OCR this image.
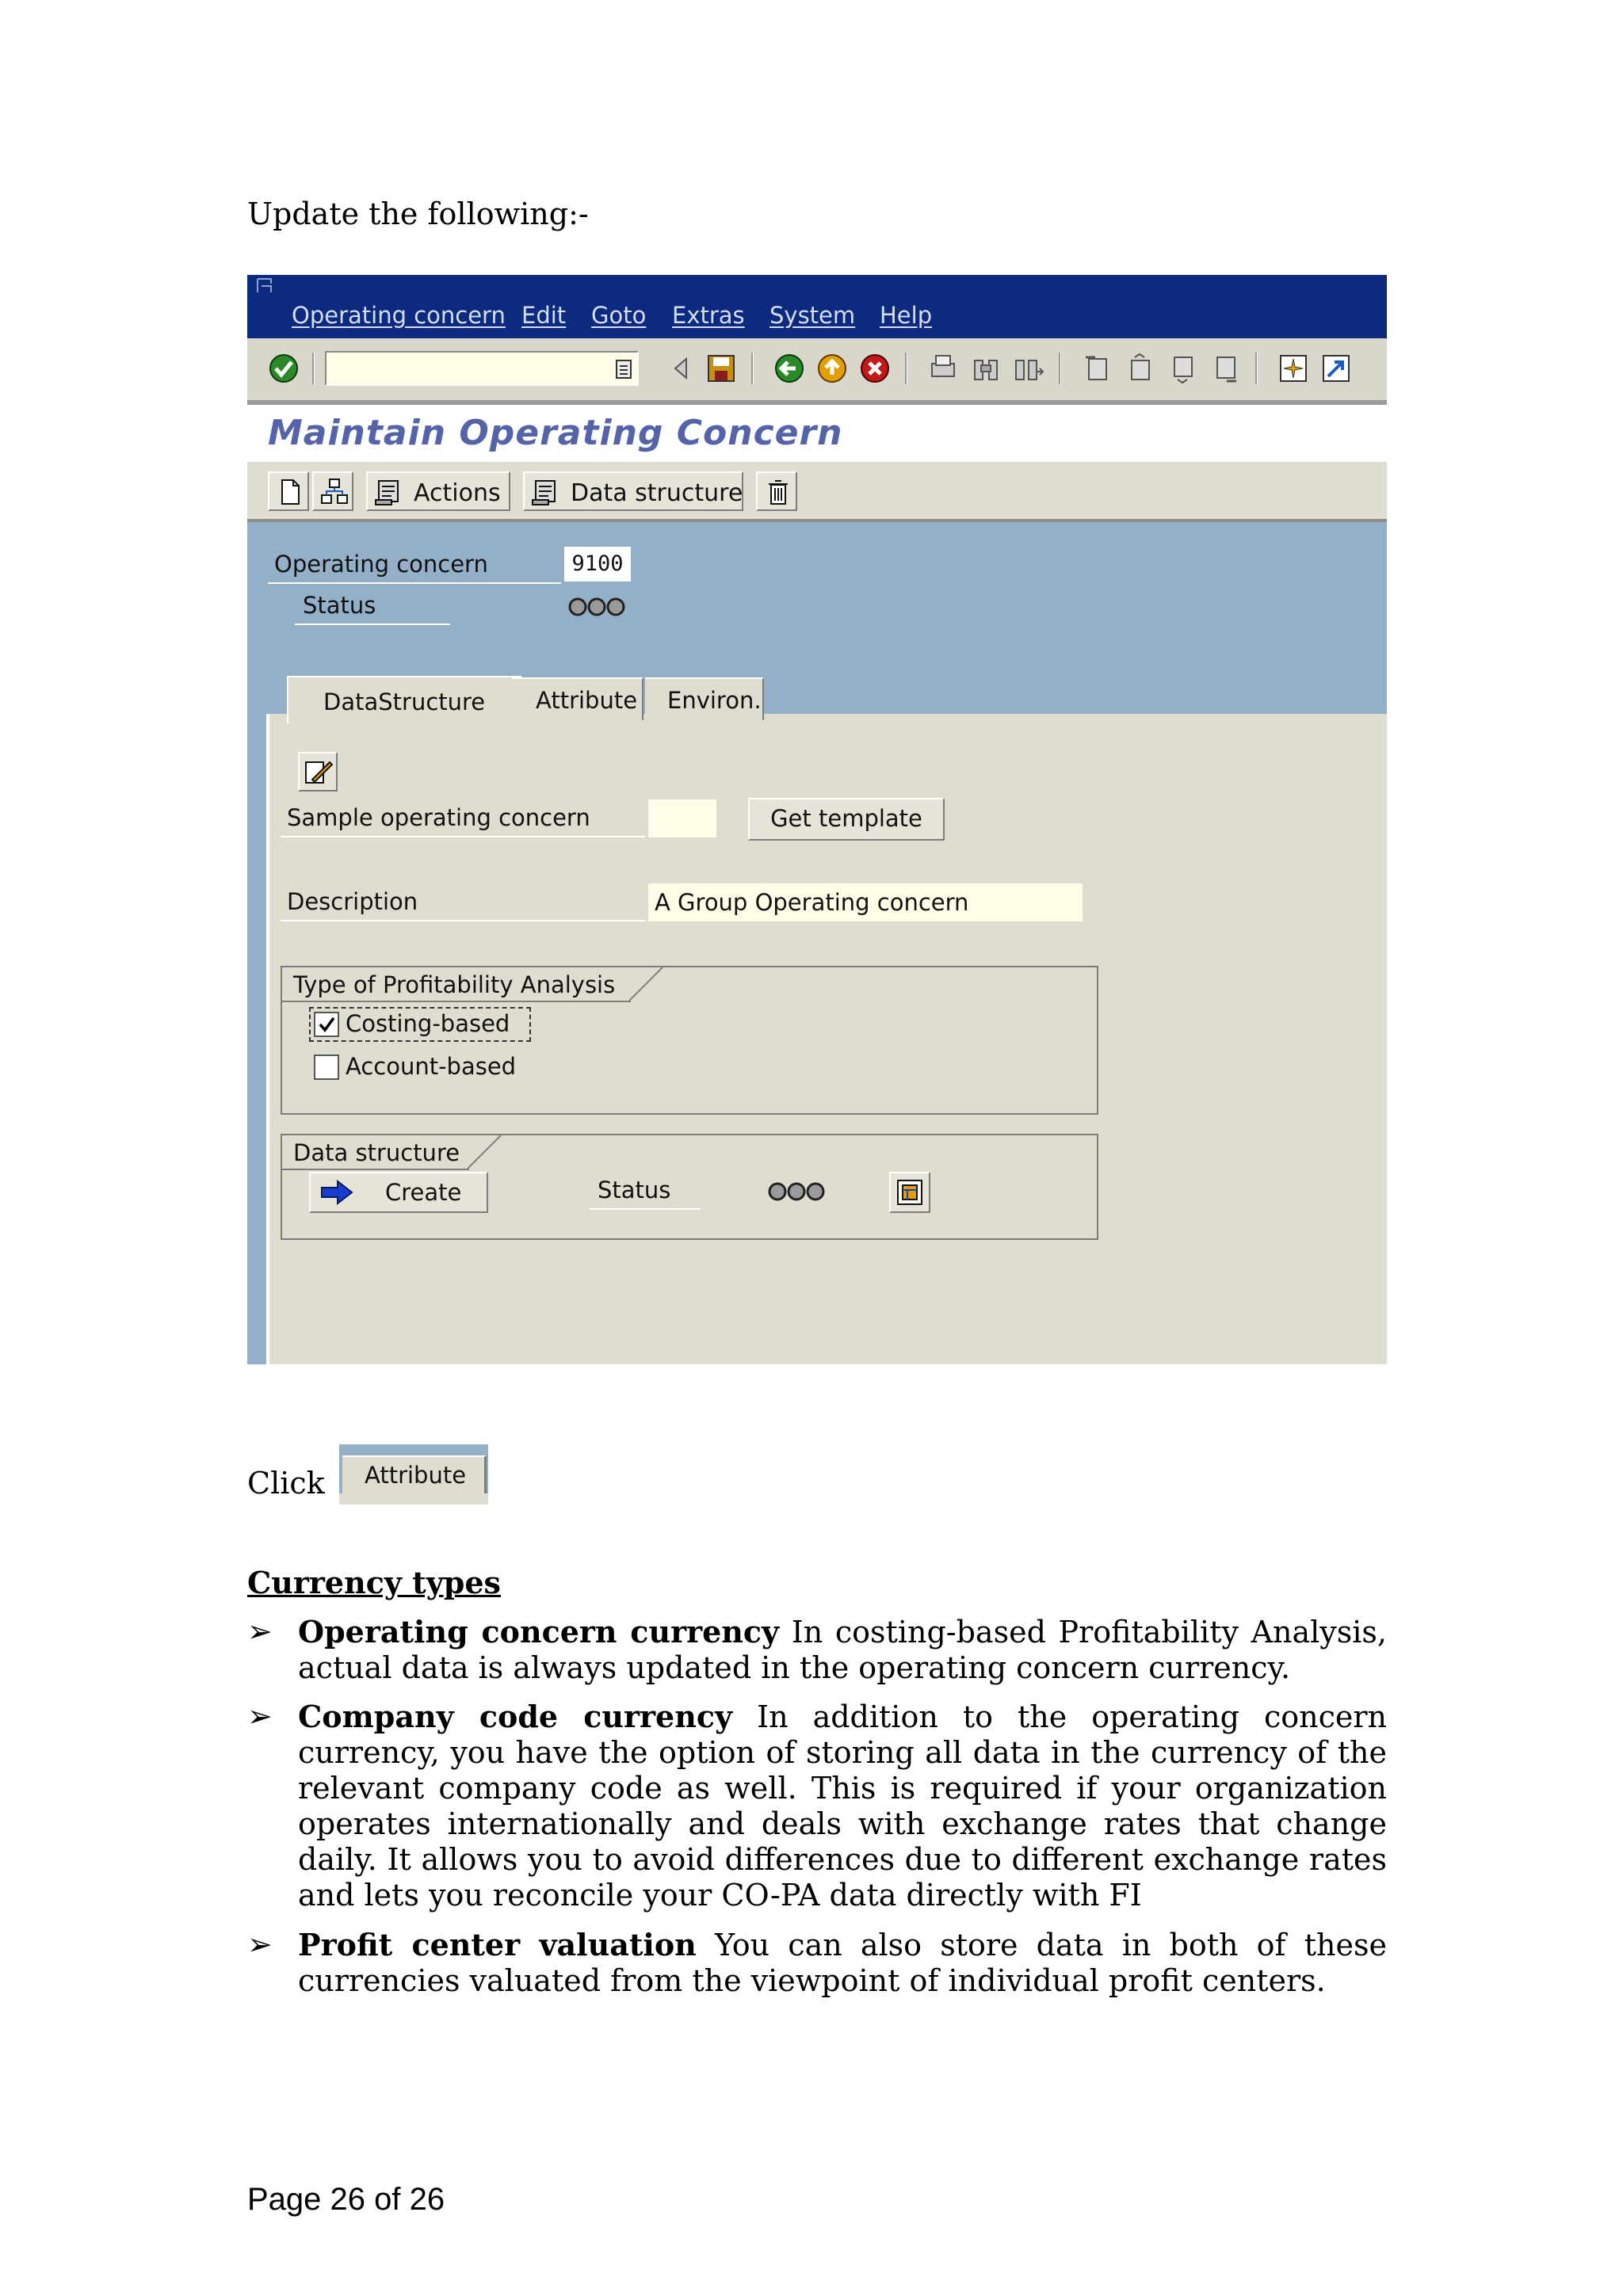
Update the following:-
Operating concern Edit Goto Extras System Help
Maintain Operating Concern
Actions	Data structure
Operating concern	9100
Status
DataStructure Attribute Environ.
Sample operating concern	Get template
Description	A Group Operating concern
Type of Profitability Analysis
Costing-based
Account-based
Data structure
Create	Status
Click Attribute
Currency types
➢ Operating concern currency In costing-based Profitability Analysis, actual data is always updated in the operating concern currency.
➢ Company code currency In addition to the operating concern currency, you have the option of storing all data in the currency of the relevant company code as well. This is required if your organization operates internationally and deals with exchange rates that change daily. It allows you to avoid differences due to different exchange rates and lets you reconcile your CO-PA data directly with FI
➢ Profit center valuation You can also store data in both of these currencies valuated from the viewpoint of individual profit centers.
Page 26 of 26
